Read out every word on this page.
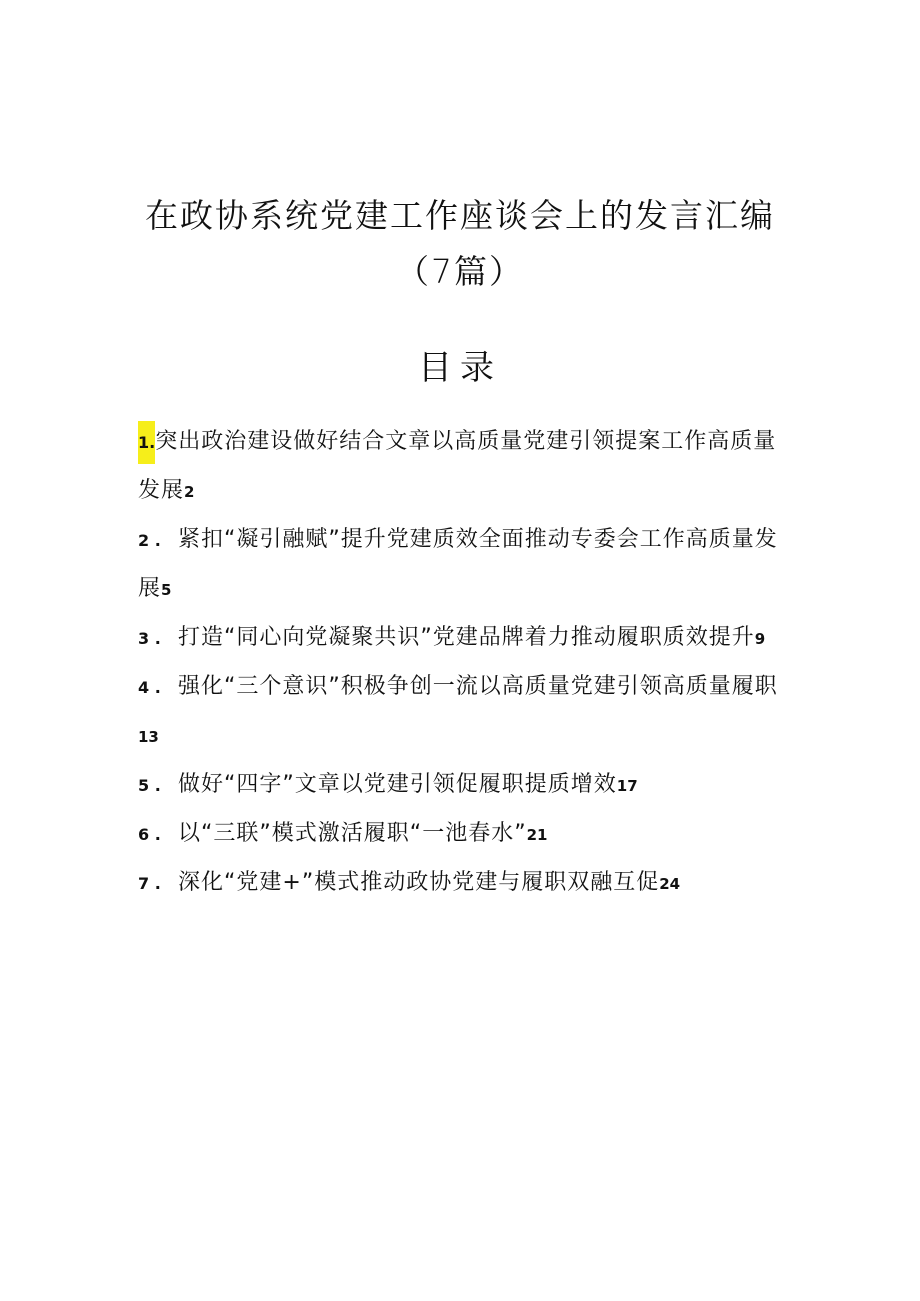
在政协系统党建工作座谈会上的发言汇编
（7篇）
目录
1.突出政治建设做好结合文章以高质量党建引领提案工作高质量发展2
2 . 紧扣“凝引融赋”提升党建质效全面推动专委会工作高质量发展5
3 . 打造“同心向党凝聚共识”党建品牌着力推动履职质效提升9
4 . 强化“三个意识”积极争创一流以高质量党建引领高质量履职13
5 . 做好“四字”文章以党建引领促履职提质增效17
6 . 以“三联”模式激活履职“一池春水”21
7 . 深化“党建+”模式推动政协党建与履职双融互促24
